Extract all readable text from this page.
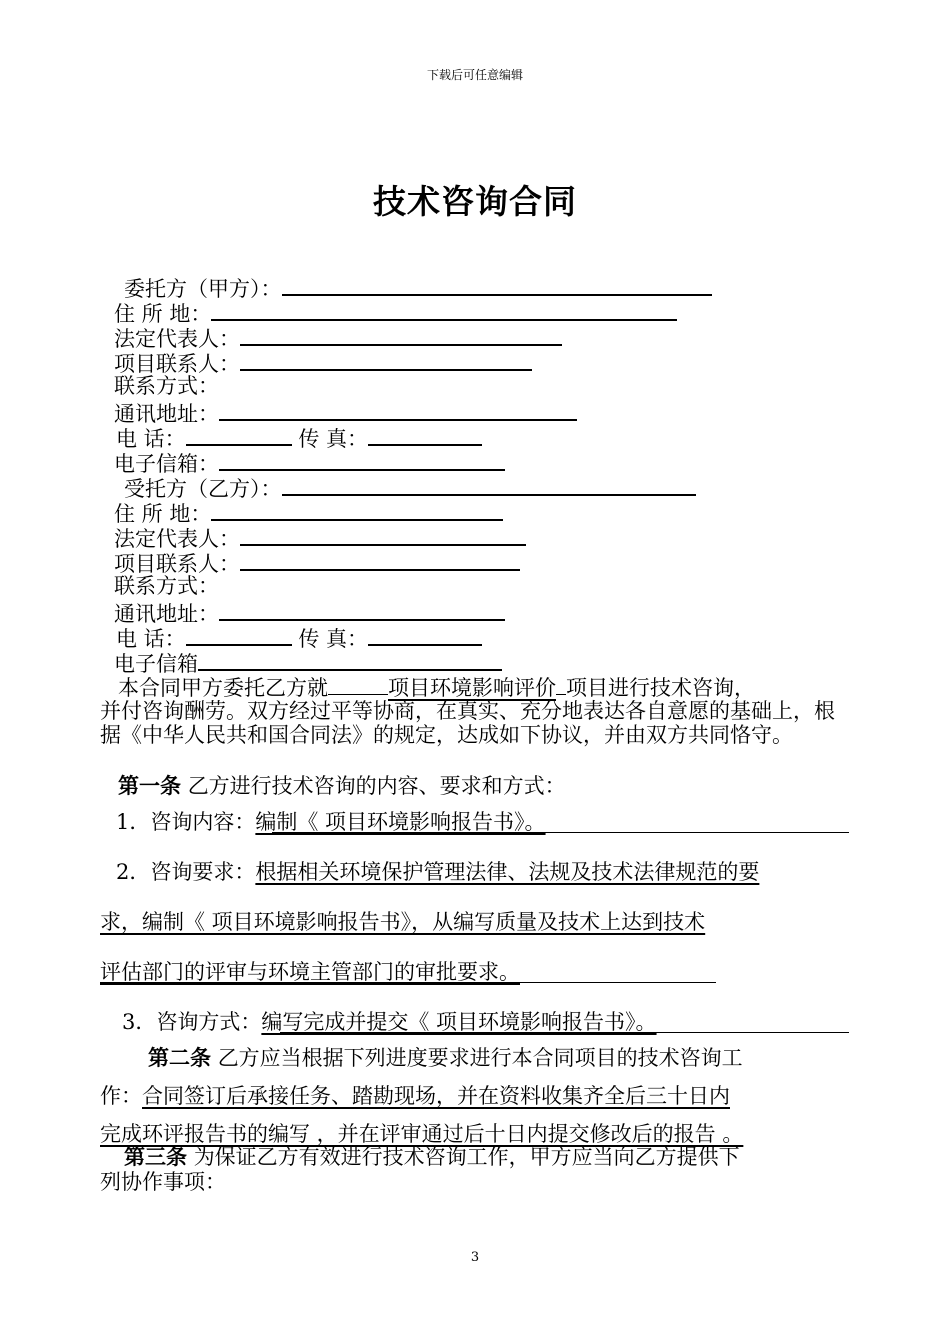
下载后可任意编辑
技术咨询合同
委托方（甲方）：
住 所 地：
法定代表人：
项目联系人：
联系方式：
通讯地址：
电 话：	传 真：
电子信箱：
受托方（乙方）：
住 所 地：
法定代表人：
项目联系人：
联系方式：
通讯地址：
电 话：	传 真：
电子信箱
本合同甲方委托乙方就	项目环境影响评价 项目进行技术咨询，
并付咨询酬劳。双方经过平等协商，在真实、充分地表达各自意愿的基础上，根据《中华人民共和国合同法》的规定，达成如下协议，并由双方共同恪守。
第一条 乙方进行技术咨询的内容、要求和方式：
1．咨询内容：编制《 项目环境影响报告书》。
2．咨询要求：根据相关环境保护管理法律、法规及技术法律规范的要
求，编制《 项目环境影响报告书》，从编写质量及技术上达到技术
评估部门的评审与环境主管部门的审批要求。
3．咨询方式：编写完成并提交《 项目环境影响报告书》。
第二条 乙方应当根据下列进度要求进行本合同项目的技术咨询工
作：合同签订后承接任务、踏勘现场，并在资料收集齐全后三十日内
完成环评报告书的编写 ，并在评审通过后十日内提交修改后的报告 。
第三条 为保证乙方有效进行技术咨询工作，甲方应当向乙方提供下
列协作事项：
3
